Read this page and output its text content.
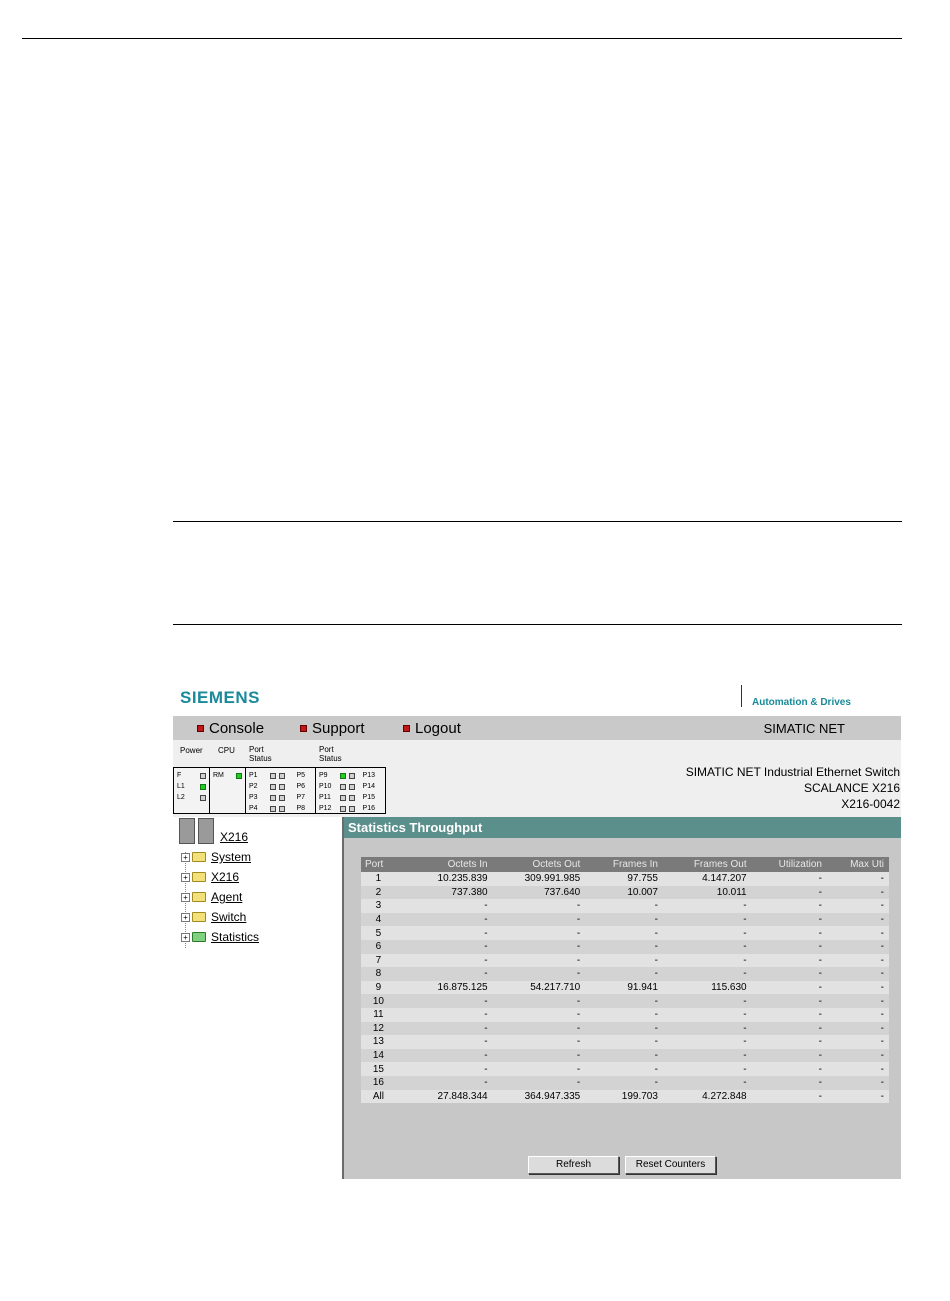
SIEMENS	Automation & Drives
Console	Support	Logout	SIMATIC NET
Power CPU Port Status
Port Status
F
L1
L2
RM	P1	P5
P2	P6
P3	P7
P4	P8
P9	P13
P10	P14
P11	P15
P12	P16
SIMATIC NET Industrial Ethernet Switch
SCALANCE X216
X216-0042
X216
+ System
+ X216
+ Agent
+ Switch
+ Statistics
Statistics Throughput
Port	Octets In	Octets Out	Frames In	Frames Out	Utilization	Max Uti
1	10.235.839	309.991.985	97.755	4.147.207	-	-
2	737.380	737.640	10.007	10.011	-	-
3	-	-	-	-	-	-
4	-	-	-	-	-	-
5	-	-	-	-	-	-
6	-	-	-	-	-	-
7	-	-	-	-	-	-
8	-	-	-	-	-	-
9	16.875.125	54.217.710	91.941	115.630	-	-
10	-	-	-	-	-	-
11	-	-	-	-	-	-
12	-	-	-	-	-	-
13	-	-	-	-	-	-
14	-	-	-	-	-	-
15	-	-	-	-	-	-
16	-	-	-	-	-	-
All	27.848.344	364.947.335	199.703	4.272.848	-	-
Refresh	Reset Counters
